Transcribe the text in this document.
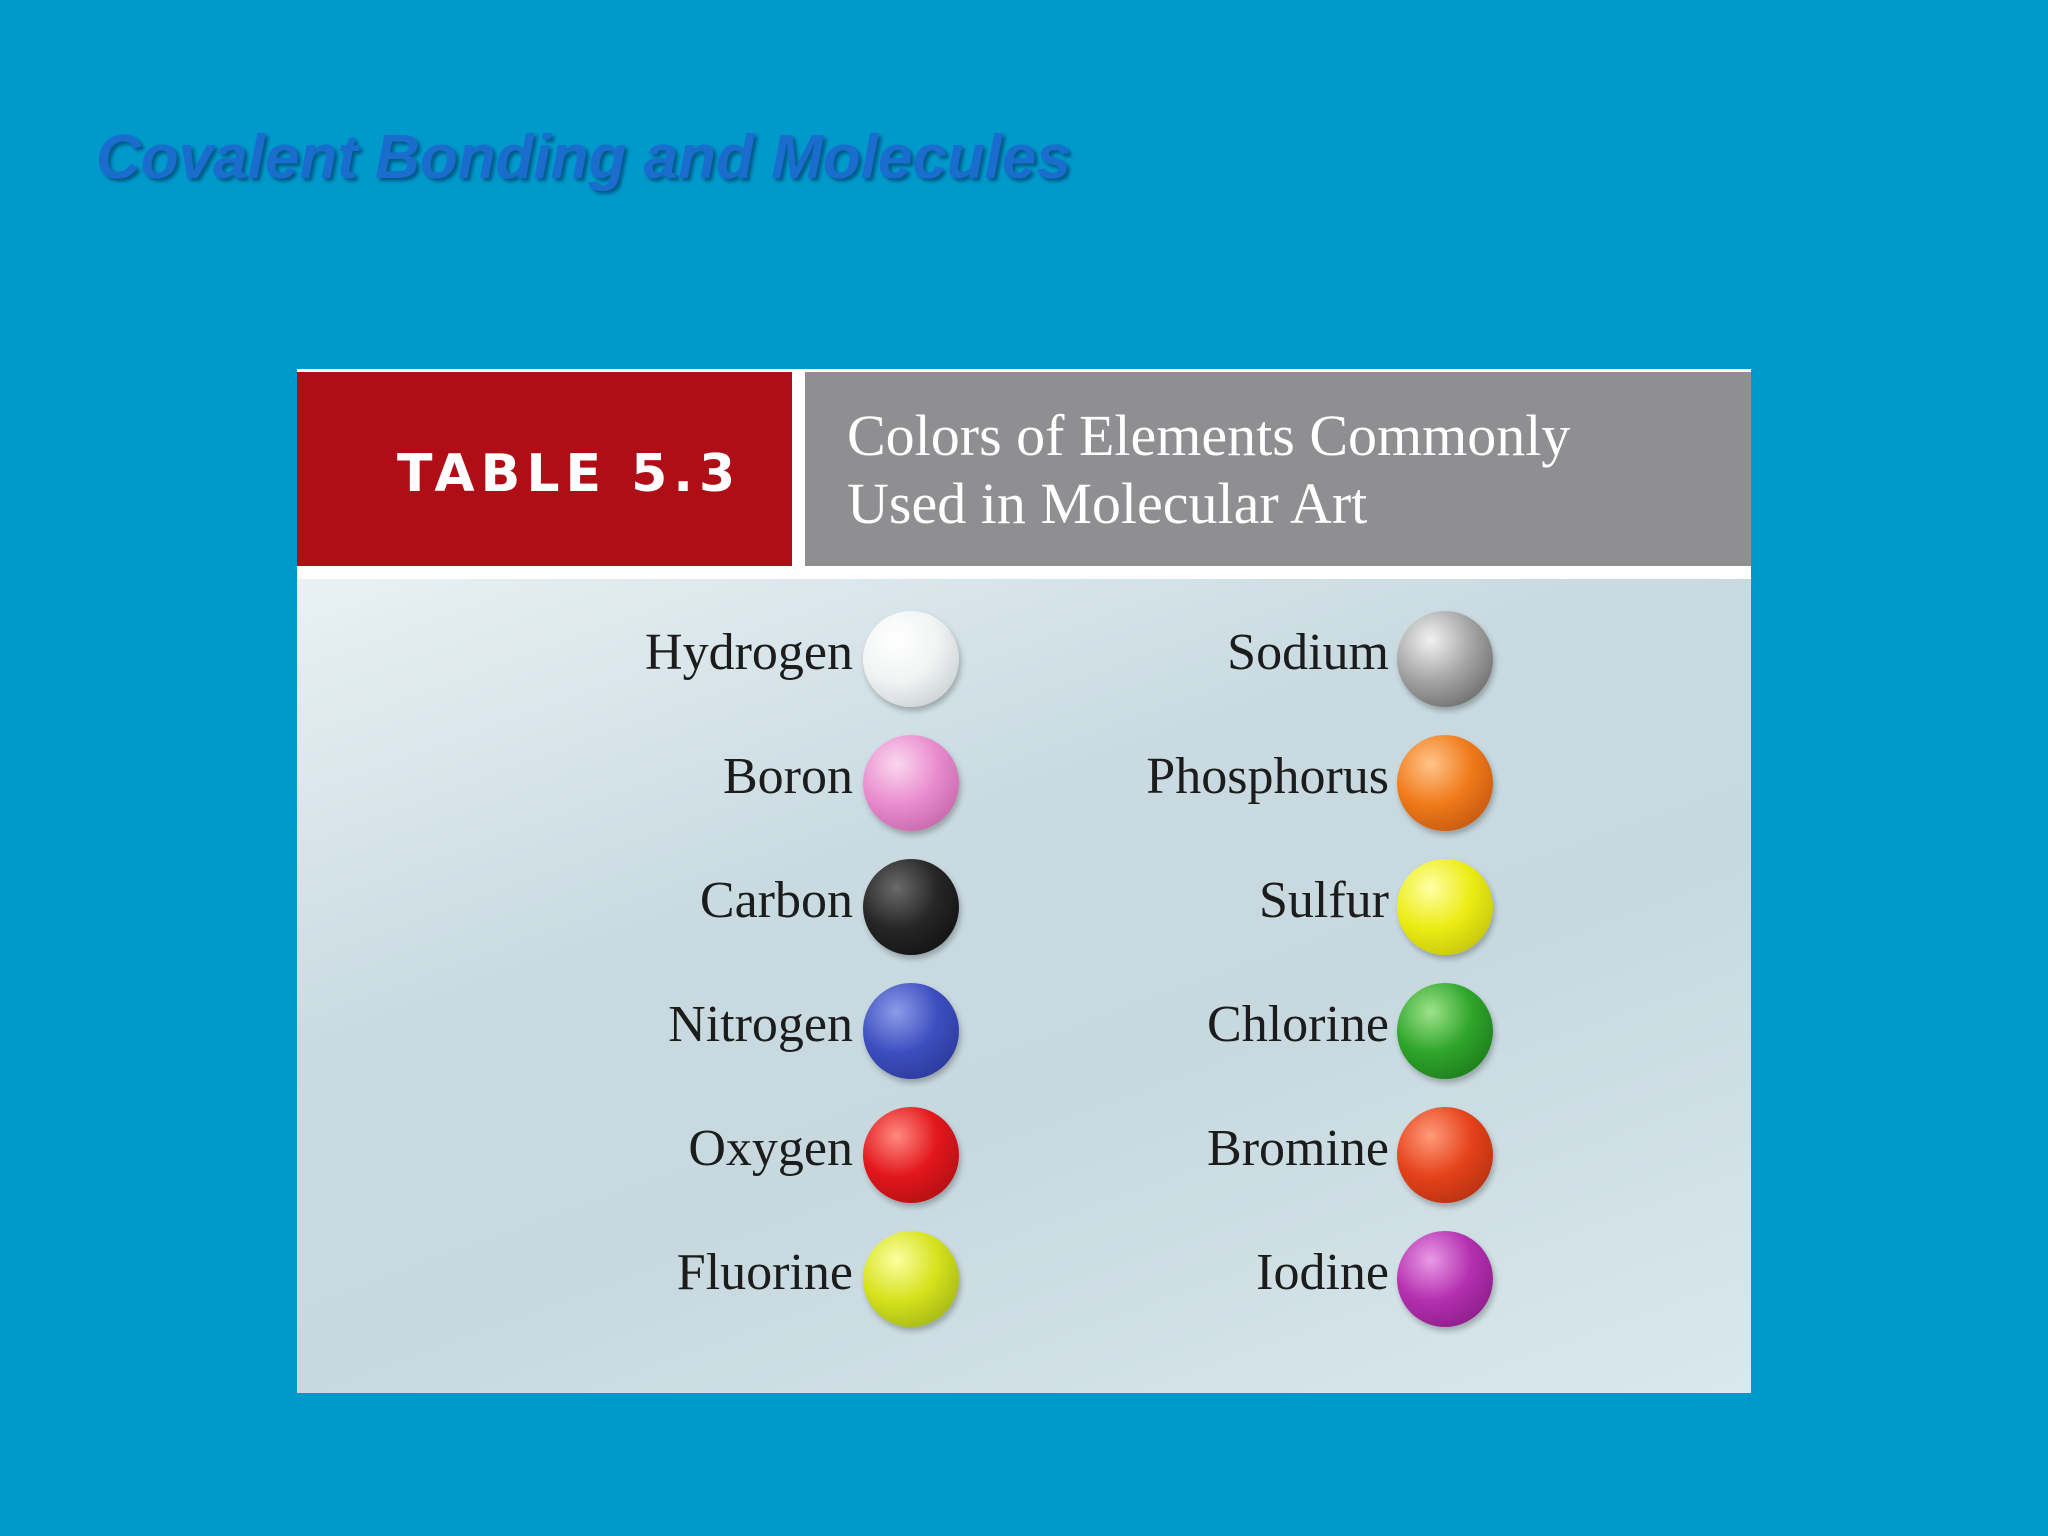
Covalent Bonding and Molecules
TABLE 5.3
Colors of Elements Commonly
Used in Molecular Art
Hydrogen
Boron
Carbon
Nitrogen
Oxygen
Fluorine
Sodium
Phosphorus
Sulfur
Chlorine
Bromine
Iodine
